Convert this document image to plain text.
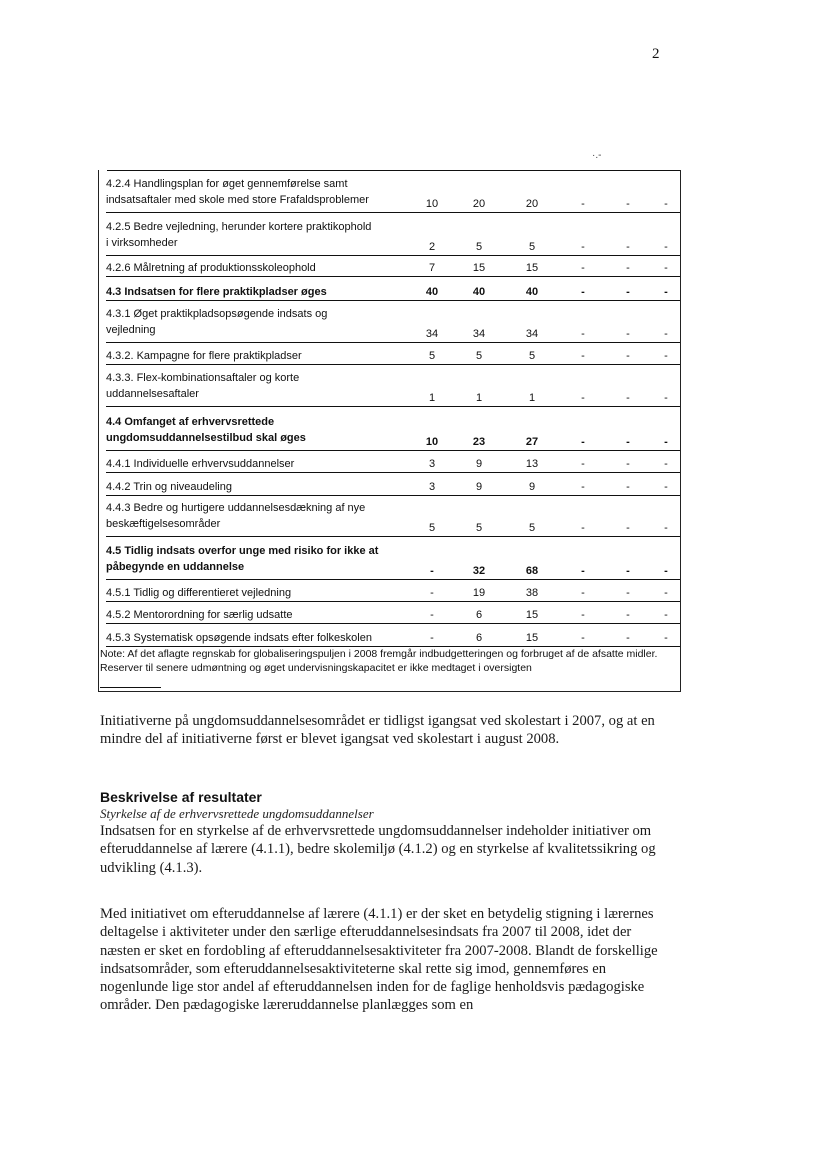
2
·.-
4.2.4 Handlingsplan for øget gennemførelse samt
indsatsaftaler med skole med store Frafaldsproblemer	10	20	20	-	-	-
4.2.5 Bedre vejledning, herunder kortere praktikophold
i virksomheder	2	5	5	-	-	-
4.2.6 Målretning af produktionsskoleophold	7	15	15	-	-	-
4.3 Indsatsen for flere praktikpladser øges	40	40	40	-	-	-
4.3.1 Øget praktikpladsopsøgende indsats og
vejledning	34	34	34	-	-	-
4.3.2. Kampagne for flere praktikpladser	5	5	5	-	-	-
4.3.3. Flex-kombinationsaftaler og korte
uddannelsesaftaler	1	1	1	-	-	-
4.4 Omfanget af erhvervsrettede
ungdomsuddannelsestilbud skal øges	10	23	27	-	-	-
4.4.1 Individuelle erhvervsuddannelser	3	9	13	-	-	-
4.4.2 Trin og niveaudeling	3	9	9	-	-	-
4.4.3 Bedre og hurtigere uddannelsesdækning af nye
beskæftigelsesområder	5	5	5	-	-	-
4.5 Tidlig indsats overfor unge med risiko for ikke at
påbegynde en uddannelse	-	32	68	-	-	-
4.5.1 Tidlig og differentieret vejledning	-	19	38	-	-	-
4.5.2 Mentorordning for særlig udsatte	-	6	15	-	-	-
4.5.3 Systematisk opsøgende indsats efter folkeskolen	-	6	15	-	-	-
Note: Af det aflagte regnskab for globaliseringspuljen i 2008 fremgår indbudgetteringen og forbruget af de afsatte midler. Reserver til senere udmøntning og øget undervisningskapacitet er ikke medtaget i oversigten
Initiativerne på ungdomsuddannelsesområdet er tidligst igangsat ved skolestart i 2007, og at en mindre del af initiativerne først er blevet igangsat ved skolestart i august 2008.
Beskrivelse af resultater
Styrkelse af de erhvervsrettede ungdomsuddannelser
Indsatsen for en styrkelse af de erhvervsrettede ungdomsuddannelser indeholder initiativer om efteruddannelse af lærere (4.1.1), bedre skolemiljø (4.1.2) og en styrkelse af kvalitetssikring og udvikling (4.1.3).
Med initiativet om efteruddannelse af lærere (4.1.1) er der sket en betydelig stigning i lærernes deltagelse i aktiviteter under den særlige efteruddannelsesindsats fra 2007 til 2008, idet der næsten er sket en fordobling af efteruddannelsesaktiviteter fra 2007-2008. Blandt de forskellige indsatsområder, som efteruddannelsesaktiviteterne skal rette sig imod, gennemføres en nogenlunde lige stor andel af efteruddannelsen inden for de faglige henholdsvis pædagogiske områder. Den pædagogiske læreruddannelse planlægges som en
